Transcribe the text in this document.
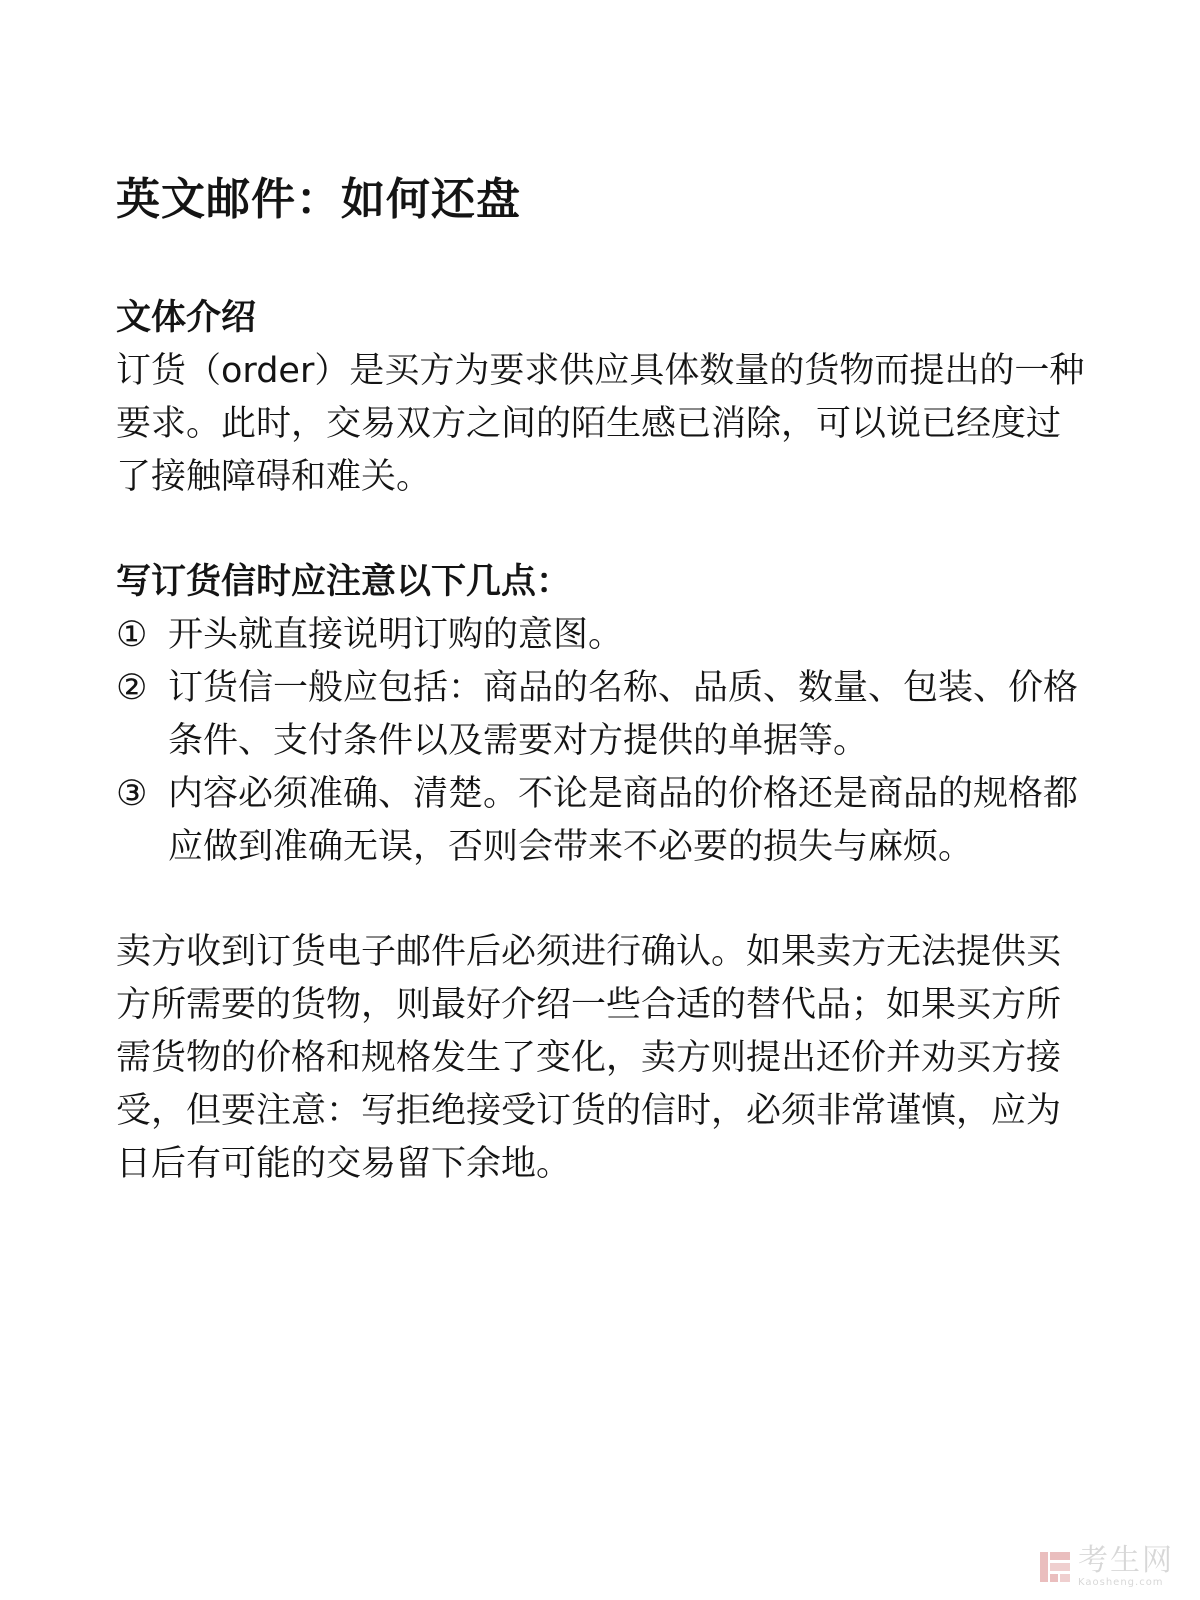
英文邮件：如何还盘
文体介绍

订货（order）是买方为要求供应具体数量的货物而提出的一种要求。此时，交易双方之间的陌生感已消除，可以说已经度过了接触障碍和难关。

写订货信时应注意以下几点：
① 开头就直接说明订购的意图。
② 订货信一般应包括：商品的名称、品质、数量、包装、价格条件、支付条件以及需要对方提供的单据等。
③ 内容必须准确、清楚。不论是商品的价格还是商品的规格都应做到准确无误，否则会带来不必要的损失与麻烦。

卖方收到订货电子邮件后必须进行确认。如果卖方无法提供买方所需要的货物，则最好介绍一些合适的替代品；如果买方所需货物的价格和规格发生了变化，卖方则提出还价并劝买方接受，但要注意：写拒绝接受订货的信时，必须非常谨慎，应为日后有可能的交易留下余地。

考生网
Kaosheng.com
